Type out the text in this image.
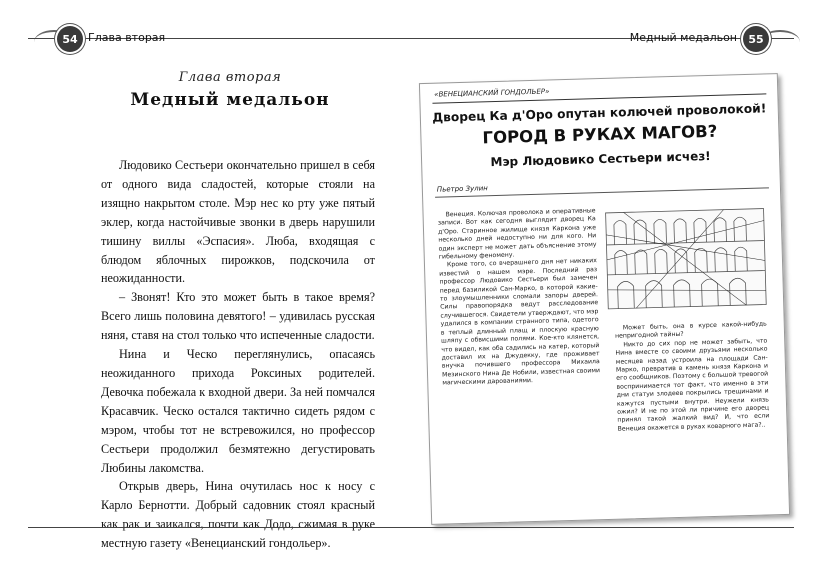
54 Глава вторая	Медный медальон	55
Глава вторая
Медный медальон

Людовико Сестьери окончательно пришел в себя от одного вида сладостей, которые стояли на изящно накрытом столе. Мэр нес ко рту уже пятый эклер, когда настойчивые звонки в дверь нарушили тишину виллы «Эспасия». Люба, входящая с блюдом яблочных пирожков, подскочила от неожиданности.

– Звонят! Кто это может быть в такое время? Всего лишь половина девятого! – удивилась русская няня, ставя на стол только что испеченные сладости.

Нина и Ческо переглянулись, опасаясь неожиданного прихода Роксиных родителей. Девочка побежала к входной двери. За ней помчался Красавчик. Ческо остался тактично сидеть рядом с мэром, чтобы тот не встревожился, но профессор Сестьери продолжил безмятежно дегустировать Любины лакомства.

Открыв дверь, Нина очутилась нос к носу с Карло Бернотти. Добрый садовник стоял красный как рак и заикался, почти как Додо, сжимая в руке местную газету «Венецианский гондольер».

«ВЕНЕЦИАНСКИЙ ГОНДОЛЬЕР»
Дворец Ка д'Оро опутан колючей проволокой!
ГОРОД В РУКАХ МАГОВ?
Мэр Людовико Сестьери исчез!
Пьетро Зулин

Венеция. Колючая проволока и оперативные записи. Вот как сегодня выглядит дворец Ка д'Оро. Старинное жилище князя Каркона уже несколько дней недоступно ни для кого. Ни один эксперт не может дать объяснение этому гибельному феномену.

Кроме того, со вчерашнего дня нет никаких известий о нашем мэре. Последний раз профессор Людовико Сестьери был замечен перед базиликой Сан-Марко, в которой какие-то злоумышленники сломали запоры дверей. Силы правопорядка ведут расследование случившегося. Свидетели утверждают, что мэр удалился в компании странного типа, одетого в теплый длинный плащ и плоскую красную шляпу с обвисшими полями. Кое-кто клянется, что видел, как оба садились на катер, который доставил их на Джудекку, где проживает внучка почившего профессора Михаила Мезинского Нина Де Нобили, известная своими магическими дарованиями.

Может быть, она в курсе какой-нибудь непригодной тайны?

Никто до сих пор не может забыть, что Нина вместе со своими друзьями несколько месяцев назад устроила на площади Сан-Марко, превратив в камень князя Каркона и его сообщников. Поэтому с большой тревогой воспринимается тот факт, что именно в эти дни статуи злодеев покрылись трещинами и кажутся пустыми внутри. Неужели князь ожил? И не по этой ли причине его дворец принял такой жалкий вид? И, что если Венеция окажется в руках коварного мага?..
